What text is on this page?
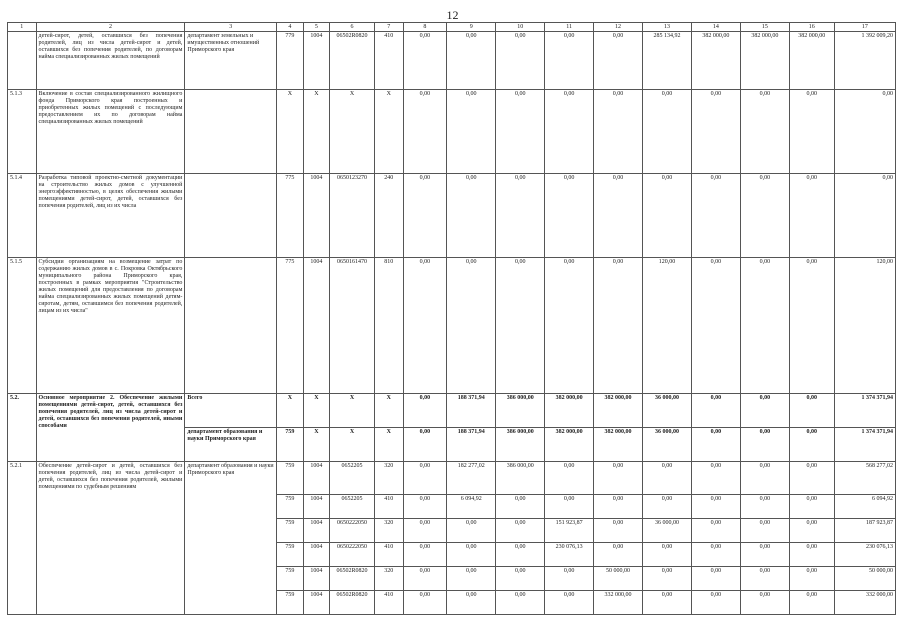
12
1	2	3	4	5	6	7	8	9	10	11	12	13	14	15	16	17
	детей-сирот, детей, оставшихся без попечения родителей, лиц из числа детей-сирот и детей, оставшихся без попечения родителей, по договорам найма специализированных жилых помещений	департамент земельных и имущественных отношений Приморского края	779	1004	06502R0820	410	0,00	0,00	0,00	0,00	0,00	285 134,92	382 000,00	382 000,00	382 000,00	1 392 009,20
5.1.3	Включение в состав специализированного жилищного фонда Приморского края построенных и приобретенных жилых помещений с последующим предоставлением их по договорам найма специализированных жилых помещений		X	X	X	X	0,00	0,00	0,00	0,00	0,00	0,00	0,00	0,00	0,00	0,00
5.1.4	Разработка типовой проектно-сметной документации на строительство жилых домов с улучшенной энергоэффективностью, в целях обеспечения жилыми помещениями детей-сирот, детей, оставшихся без попечения родителей, лиц из их числа		775	1004	0650123270	240	0,00	0,00	0,00	0,00	0,00	0,00	0,00	0,00	0,00	0,00
5.1.5	Субсидии организациям на возмещение затрат по содержанию жилых домов в с. Покровка Октябрьского муниципального района Приморского края, построенных в рамках мероприятия "Строительство жилых помещений для предоставления по договорам найма специализированных жилых помещений детям-сиротам, детям, оставшимся без попечения родителей, лицам из их числа"		775	1004	0650161470	810	0,00	0,00	0,00	0,00	0,00	120,00	0,00	0,00	0,00	120,00
5.2.	Основное мероприятие 2. Обеспечение жилыми помещениями детей-сирот, детей, оставшихся без попечения родителей, лиц из числа детей-сирот и детей, оставшихся без попечения родителей, иными способами	Всего	X	X	X	X	0,00	188 371,94	386 000,00	382 000,00	382 000,00	36 000,00	0,00	0,00	0,00	1 374 371,94
		департамент образования и науки Приморского края	759	X	X	X	0,00	188 371,94	386 000,00	382 000,00	382 000,00	36 000,00	0,00	0,00	0,00	1 374 371,94
5.2.1	Обеспечение детей-сирот и детей, оставшихся без попечения родителей, лиц из числа детей-сирот и детей, оставшихся без попечения родителей, жилыми помещениями по судебным решениям	департамент образования и науки Приморского края	759	1004	0652205	320	0,00	182 277,02	386 000,00	0,00	0,00	0,00	0,00	0,00	0,00	568 277,02
			759	1004	0652205	410	0,00	6 094,92	0,00	0,00	0,00	0,00	0,00	0,00	0,00	6 094,92
			759	1004	0650222050	320	0,00	0,00	0,00	151 923,87	0,00	36 000,00	0,00	0,00	0,00	187 923,87
			759	1004	0650222050	410	0,00	0,00	0,00	230 076,13	0,00	0,00	0,00	0,00	0,00	230 076,13
			759	1004	06502R0820	320	0,00	0,00	0,00	0,00	50 000,00	0,00	0,00	0,00	0,00	50 000,00
			759	1004	06502R0820	410	0,00	0,00	0,00	0,00	332 000,00	0,00	0,00	0,00	0,00	332 000,00
